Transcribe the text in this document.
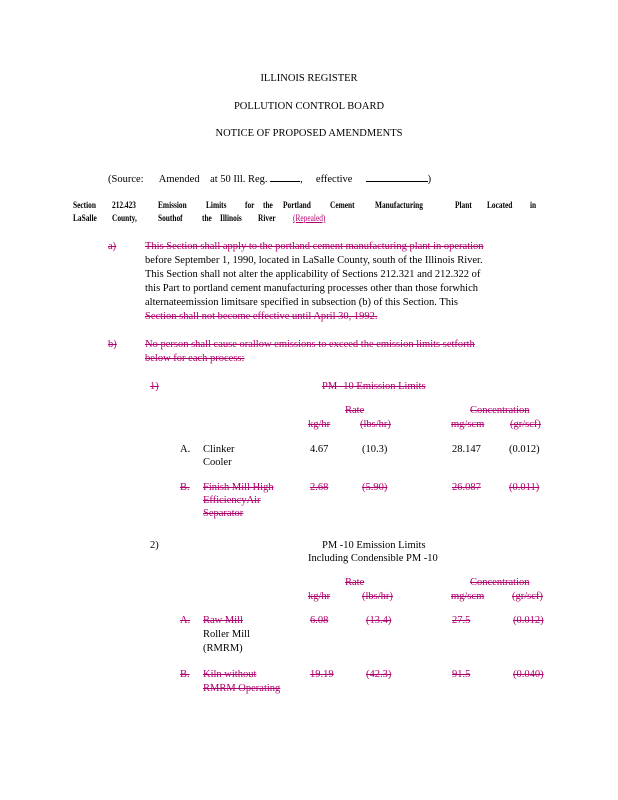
ILLINOIS REGISTER
POLLUTION CONTROL BOARD
NOTICE OF PROPOSED AMENDMENTS
(Source: Amended at 50 Ill. Reg.	, effective	)
Section 212.423 Emission Limits for the Portland Cement Manufacturing	Plant Located in
LaSalle County, Southof the Illinois River (Repealed)
a)	This Section shall apply to the portland cement manufacturing plant in operation
before September 1, 1990, located in LaSalle County, south of the Illinois River.
This Section shall not alter the applicability of Sections 212.321 and 212.322 of
this Part to portland cement manufacturing processes other than those forwhich
alternateemission limitsare specified in subsection (b) of this Section. This
Section shall not become effective until April 30, 1992.
b)	No person shall cause orallow emissions to exceed the emission limits setforth
below for each process:
1)	PM -10 Emission Limits
Rate	Concentration
kg/hr	(lbs/hr)	mg/scm (gr/scf)
A. Clinker
Cooler
4.67	(10.3)	28.147	(0.012)
B. Finish Mill High
EfficiencyAir
Separator
2.68	(5.90)	26.087	(0.011)
2)	PM -10 Emission Limits
Including Condensible PM -10
Rate	Concentration
kg/hr	(lbs/hr)	mg/scm	(gr/scf)
A. Raw Mill
Roller Mill
(RMRM)
6.08	(13.4)	27.5	(0.012)
B. Kiln without
RMRM Operating
19.19	(42.3)	91.5	(0.040)
